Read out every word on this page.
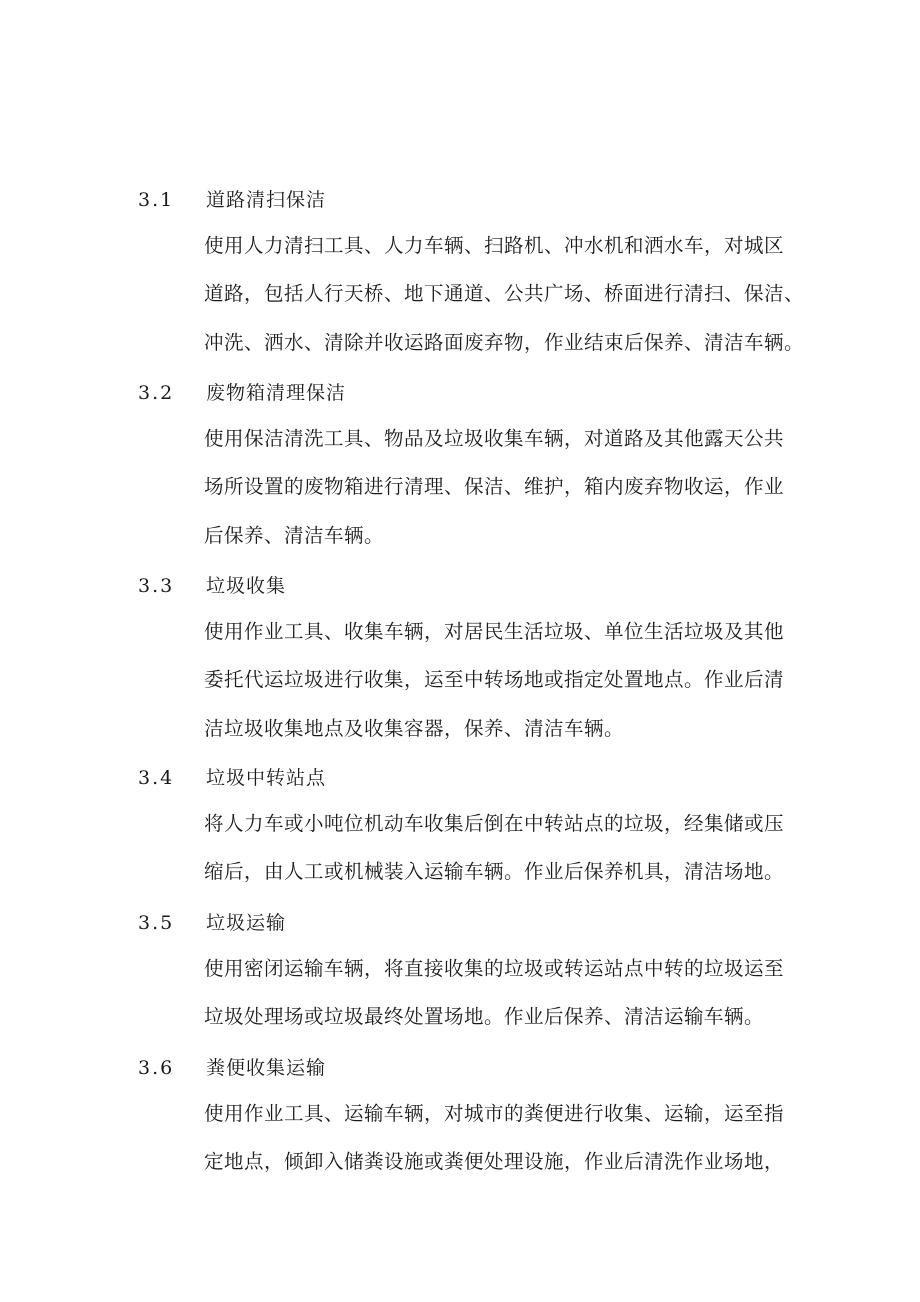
3.1 道路清扫保洁
使用人力清扫工具、人力车辆、扫路机、冲水机和洒水车，对城区
道路，包括人行天桥、地下通道、公共广场、桥面进行清扫、保洁、
冲洗、洒水、清除并收运路面废弃物，作业结束后保养、清洁车辆。
3.2 废物箱清理保洁
使用保洁清洗工具、物品及垃圾收集车辆，对道路及其他露天公共
场所设置的废物箱进行清理、保洁、维护，箱内废弃物收运，作业
后保养、清洁车辆。
3.3 垃圾收集
使用作业工具、收集车辆，对居民生活垃圾、单位生活垃圾及其他
委托代运垃圾进行收集，运至中转场地或指定处置地点。作业后清
洁垃圾收集地点及收集容器，保养、清洁车辆。
3.4 垃圾中转站点
将人力车或小吨位机动车收集后倒在中转站点的垃圾，经集储或压
缩后，由人工或机械装入运输车辆。作业后保养机具，清洁场地。
3.5 垃圾运输
使用密闭运输车辆，将直接收集的垃圾或转运站点中转的垃圾运至
垃圾处理场或垃圾最终处置场地。作业后保养、清洁运输车辆。
3.6 粪便收集运输
使用作业工具、运输车辆，对城市的粪便进行收集、运输，运至指
定地点，倾卸入储粪设施或粪便处理设施，作业后清洗作业场地，
